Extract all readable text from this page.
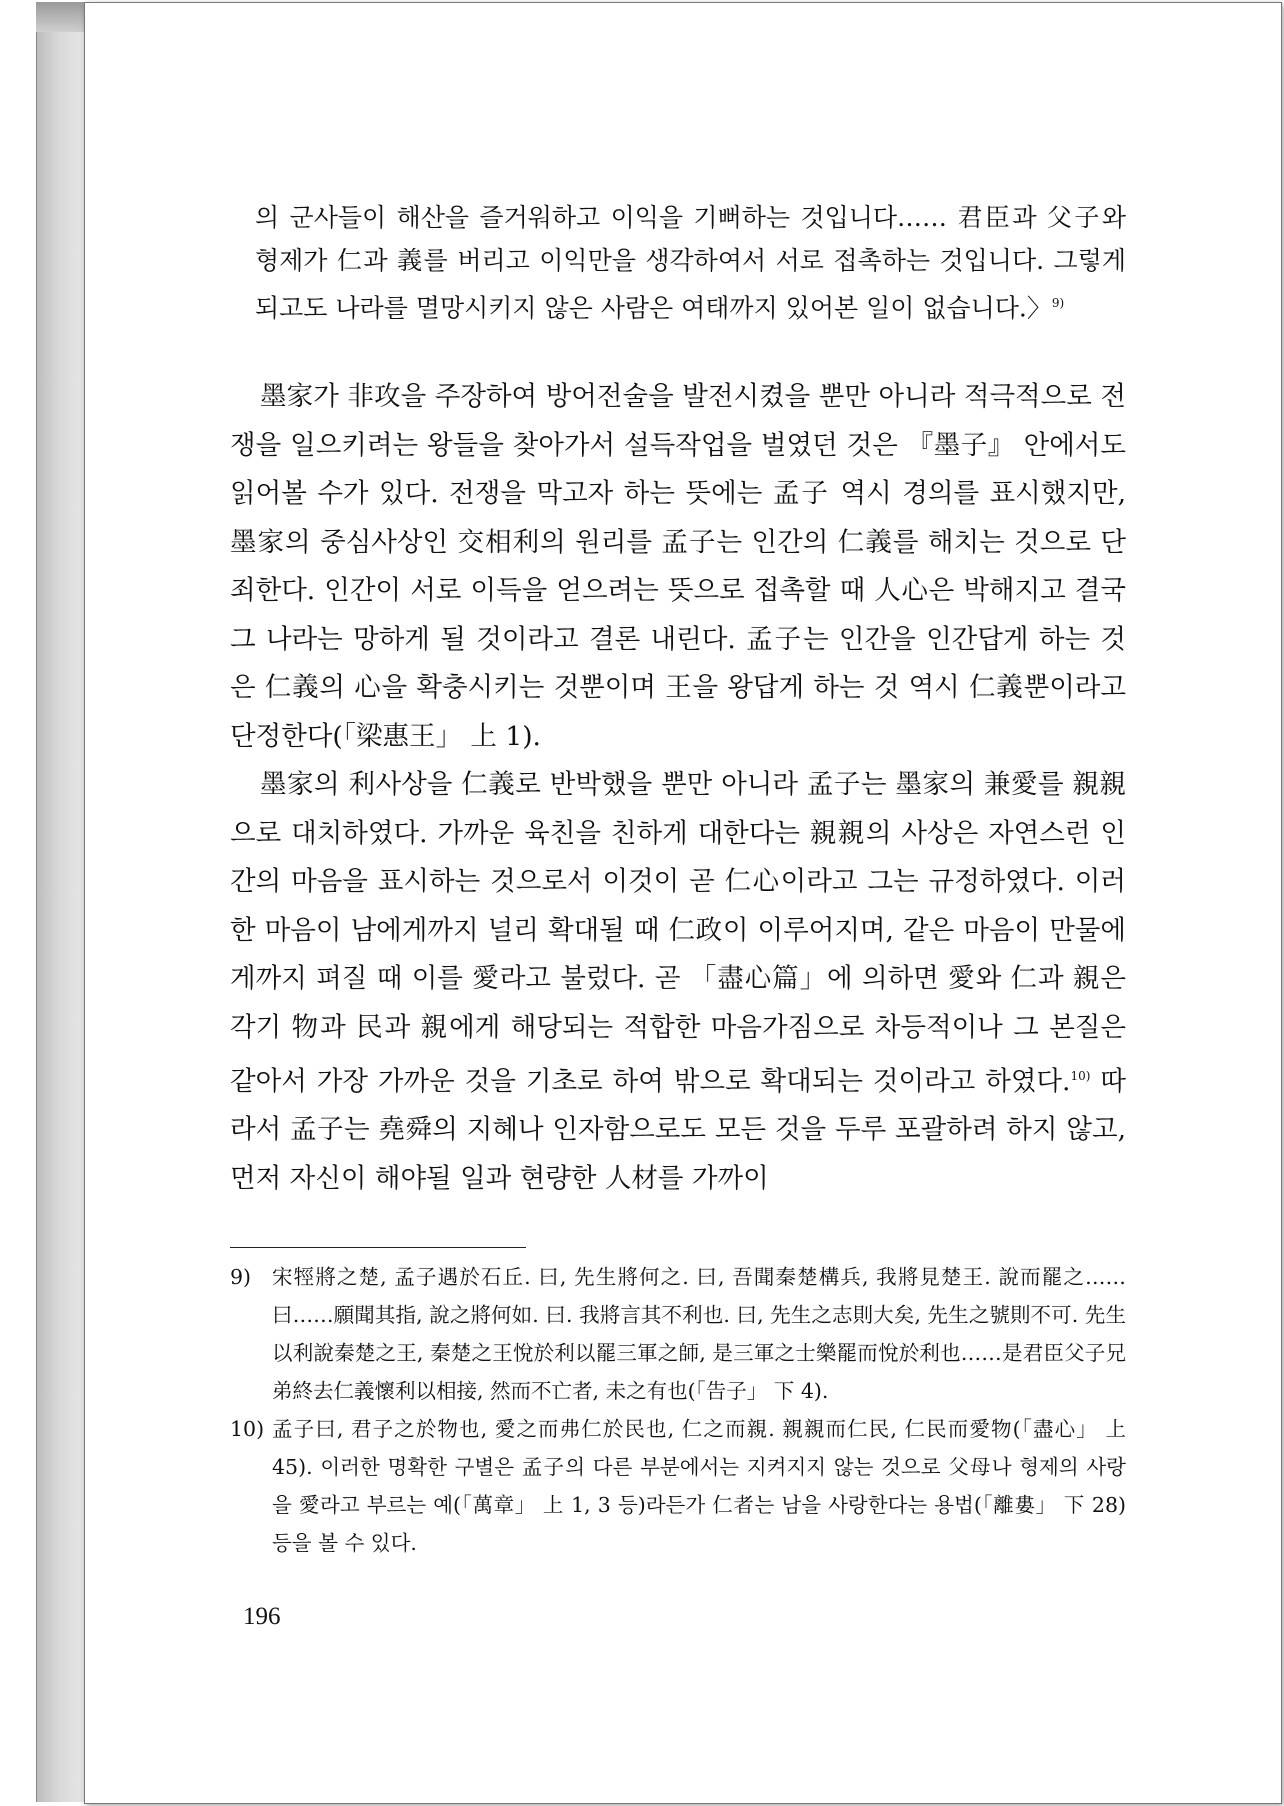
의 군사들이 해산을 즐거워하고 이익을 기뻐하는 것입니다…… 君臣과 父子와 형제가 仁과 義를 버리고 이익만을 생각하여서 서로 접촉하는 것입니다. 그렇게 되고도 나라를 멸망시키지 않은 사람은 여태까지 있어본 일이 없습니다.〉$^{9)}$

墨家가 非攻을 주장하여 방어전술을 발전시켰을 뿐만 아니라 적극적으로 전쟁을 일으키려는 왕들을 찾아가서 설득작업을 벌였던 것은 『墨子』 안에서도 읽어볼 수가 있다. 전쟁을 막고자 하는 뜻에는 孟子 역시 경의를 표시했지만, 墨家의 중심사상인 交相利의 원리를 孟子는 인간의 仁義를 해치는 것으로 단죄한다. 인간이 서로 이득을 얻으려는 뜻으로 접촉할 때 人心은 박해지고 결국 그 나라는 망하게 될 것이라고 결론 내린다. 孟子는 인간을 인간답게 하는 것은 仁義의 心을 확충시키는 것뿐이며 王을 왕답게 하는 것 역시 仁義뿐이라고 단정한다(「梁惠王」 上 1).

墨家의 利사상을 仁義로 반박했을 뿐만 아니라 孟子는 墨家의 兼愛를 親親으로 대치하였다. 가까운 육친을 친하게 대한다는 親親의 사상은 자연스런 인간의 마음을 표시하는 것으로서 이것이 곧 仁心이라고 그는 규정하였다. 이러한 마음이 남에게까지 널리 확대될 때 仁政이 이루어지며, 같은 마음이 만물에게까지 펴질 때 이를 愛라고 불렀다. 곧 「盡心篇」에 의하면 愛와 仁과 親은 각기 物과 民과 親에게 해당되는 적합한 마음가짐으로 차등적이나 그 본질은 같아서 가장 가까운 것을 기초로 하여 밖으로 확대되는 것이라고 하였다.$^{10)}$ 따라서 孟子는 堯舜의 지혜나 인자함으로도 모든 것을 두루 포괄하려 하지 않고, 먼저 자신이 해야될 일과 현량한 人材를 가까이

9)	宋牼將之楚, 孟子遇於石丘. 曰, 先生將何之. 曰, 吾聞秦楚構兵, 我將見楚王. 說而罷之……曰……願聞其指, 說之將何如. 曰. 我將言其不利也. 曰, 先生之志則大矣, 先生之號則不可. 先生以利說秦楚之王, 秦楚之王悅於利以罷三軍之師, 是三軍之士樂罷而悅於利也……是君臣父子兄弟終去仁義懷利以相接, 然而不亡者, 未之有也(「告子」 下 4).
10) 孟子曰, 君子之於物也, 愛之而弗仁於民也, 仁之而親. 親親而仁民, 仁民而愛物(「盡心」 上 45). 이러한 명확한 구별은 孟子의 다른 부분에서는 지켜지지 않는 것으로 父母나 형제의 사랑을 愛라고 부르는 예(「萬章」 上 1, 3 등)라든가 仁者는 남을 사랑한다는 용법(「離婁」 下 28) 등을 볼 수 있다.
196
